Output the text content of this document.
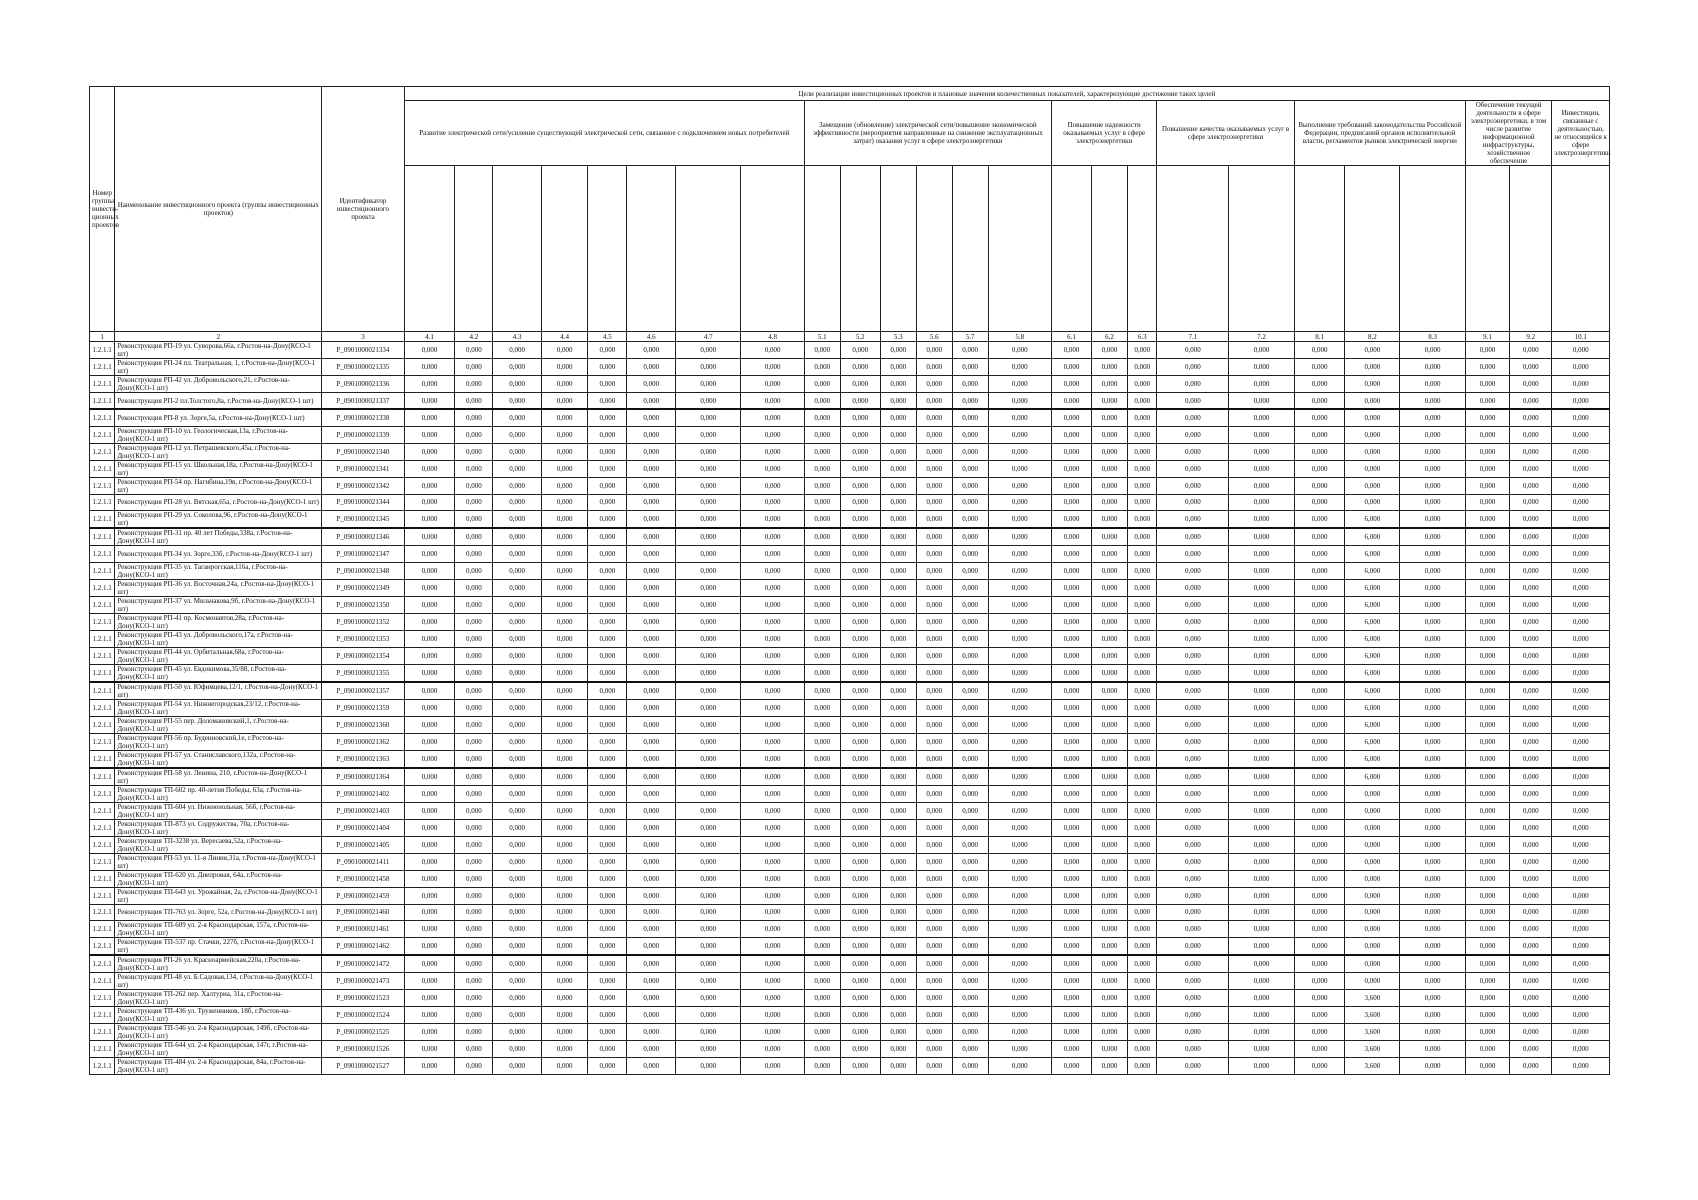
Номер группы инвести-ционных проектов	Наименование инвестиционного проекта (группы инвестиционных проектов)	Идентификатор инвестиционного проекта	Цели реализации инвестиционных проектов и плановые значения количественных показателей, характеризующие достижение таких целей																								
			Развитие электрической сети/усиление существующей электрической сети, связанное с подключением новых потребителей								Замещение (обновление) электрической сети/повышение экономической эффективности (мероприятия направленные на снижение эксплуатационных затрат) оказания услуг в сфере электроэнергетики						Повышение надежности оказываемых услуг в сфере электроэнергетики			Повышение качества оказываемых услуг в сфере электроэнергетики		Выполнение требований законодательства Российской Федерации, предписаний органов исполнительной власти, регламентов рынков электрической энергии			Обеспечение текущей деятельности в сфере электроэнергетики, в том числе развитие информационной инфраструктуры, хозяйственное обеспечение		Инвестиции, связанные с деятельностью, не относящейся к сфере электроэнергетики

1	2	3	4.1	4.2	4.3	4.4	4.5	4.6	4.7	4.8	5.1	5.2	5.3	5.6	5.7	5.8	6.1	6.2	6.3	7.1	7.2	8.1	8.2	8.3	9.1	9.2	10.1
1.2.1.1	Реконструкция РП-19 ул. Суворова,66а, г.Ростов-на-Дону(КСО-1 шт)	P_0901000021334	0,000	0,000	0,000	0,000	0,000	0,000	0,000	0,000	0,000	0,000	0,000	0,000	0,000	0,000	0,000	0,000	0,000	0,000	0,000	0,000	0,000	0,000	0,000	0,000	0,000
1.2.1.1	Реконструкция РП-24 пл. Театральная, 1, г.Ростов-на-Дону(КСО-1 шт)	P_0901000021335	0,000	0,000	0,000	0,000	0,000	0,000	0,000	0,000	0,000	0,000	0,000	0,000	0,000	0,000	0,000	0,000	0,000	0,000	0,000	0,000	0,000	0,000	0,000	0,000	0,000
1.2.1.1	Реконструкция РП-42 ул. Добровольского,21, г.Ростов-на-Дону(КСО-1 шт)	P_0901000021336	0,000	0,000	0,000	0,000	0,000	0,000	0,000	0,000	0,000	0,000	0,000	0,000	0,000	0,000	0,000	0,000	0,000	0,000	0,000	0,000	0,000	0,000	0,000	0,000	0,000
1.2.1.1	Реконструкция РП-2 пл.Толстого,8а, г.Ростов-на-Дону(КСО-1 шт)	P_0901000021337	0,000	0,000	0,000	0,000	0,000	0,000	0,000	0,000	0,000	0,000	0,000	0,000	0,000	0,000	0,000	0,000	0,000	0,000	0,000	0,000	0,000	0,000	0,000	0,000	0,000
1.2.1.1	Реконструкция РП-8 ул. Зорге,5а, г.Ростов-на-Дону(КСО-1 шт)	P_0901000021338	0,000	0,000	0,000	0,000	0,000	0,000	0,000	0,000	0,000	0,000	0,000	0,000	0,000	0,000	0,000	0,000	0,000	0,000	0,000	0,000	0,000	0,000	0,000	0,000	0,000
1.2.1.1	Реконструкция РП-10 ул. Геологическая,13а, г.Ростов-на-Дону(КСО-1 шт)	P_0901000021339	0,000	0,000	0,000	0,000	0,000	0,000	0,000	0,000	0,000	0,000	0,000	0,000	0,000	0,000	0,000	0,000	0,000	0,000	0,000	0,000	0,000	0,000	0,000	0,000	0,000
1.2.1.1	Реконструкция РП-12 ул. Петрашевского,45а, г.Ростов-на-Дону(КСО-1 шт)	P_0901000021340	0,000	0,000	0,000	0,000	0,000	0,000	0,000	0,000	0,000	0,000	0,000	0,000	0,000	0,000	0,000	0,000	0,000	0,000	0,000	0,000	0,000	0,000	0,000	0,000	0,000
1.2.1.1	Реконструкция РП-15 ул. Школьная,18а, г.Ростов-на-Дону(КСО-1 шт)	P_0901000021341	0,000	0,000	0,000	0,000	0,000	0,000	0,000	0,000	0,000	0,000	0,000	0,000	0,000	0,000	0,000	0,000	0,000	0,000	0,000	0,000	0,000	0,000	0,000	0,000	0,000
1.2.1.1	Реконструкция РП-54 пр. Нагибина,19в, г.Ростов-на-Дону(КСО-1 шт)	P_0901000021342	0,000	0,000	0,000	0,000	0,000	0,000	0,000	0,000	0,000	0,000	0,000	0,000	0,000	0,000	0,000	0,000	0,000	0,000	0,000	0,000	0,000	0,000	0,000	0,000	0,000
1.2.1.1	Реконструкция РП-28 ул. Вятская,65а, г.Ростов-на-Дону(КСО-1 шт)	P_0901000021344	0,000	0,000	0,000	0,000	0,000	0,000	0,000	0,000	0,000	0,000	0,000	0,000	0,000	0,000	0,000	0,000	0,000	0,000	0,000	0,000	0,000	0,000	0,000	0,000	0,000
1.2.1.1	Реконструкция РП-29 ул. Соколова,96, г.Ростов-на-Дону(КСО-1 шт)	P_0901000021345	0,000	0,000	0,000	0,000	0,000	0,000	0,000	0,000	0,000	0,000	0,000	0,000	0,000	0,000	0,000	0,000	0,000	0,000	0,000	0,000	6,000	0,000	0,000	0,000	0,000
1.2.1.1	Реконструкция РП-31 пр. 40 лет Победы,338а, г.Ростов-на-Дону(КСО-1 шт)	P_0901000021346	0,000	0,000	0,000	0,000	0,000	0,000	0,000	0,000	0,000	0,000	0,000	0,000	0,000	0,000	0,000	0,000	0,000	0,000	0,000	0,000	6,000	0,000	0,000	0,000	0,000
1.2.1.1	Реконструкция РП-34 ул. Зорге,33б, г.Ростов-на-Дону(КСО-1 шт)	P_0901000021347	0,000	0,000	0,000	0,000	0,000	0,000	0,000	0,000	0,000	0,000	0,000	0,000	0,000	0,000	0,000	0,000	0,000	0,000	0,000	0,000	6,000	0,000	0,000	0,000	0,000
1.2.1.1	Реконструкция РП-35 ул. Таганрогская,116а, г.Ростов-на-Дону(КСО-1 шт)	P_0901000021348	0,000	0,000	0,000	0,000	0,000	0,000	0,000	0,000	0,000	0,000	0,000	0,000	0,000	0,000	0,000	0,000	0,000	0,000	0,000	0,000	6,000	0,000	0,000	0,000	0,000
1.2.1.1	Реконструкция РП-36 ул. Восточная,24а, г.Ростов-на-Дону(КСО-1 шт)	P_0901000021349	0,000	0,000	0,000	0,000	0,000	0,000	0,000	0,000	0,000	0,000	0,000	0,000	0,000	0,000	0,000	0,000	0,000	0,000	0,000	0,000	6,000	0,000	0,000	0,000	0,000
1.2.1.1	Реконструкция РП-37 ул. Мильчакова,9б, г.Ростов-на-Дону(КСО-1 шт)	P_0901000021350	0,000	0,000	0,000	0,000	0,000	0,000	0,000	0,000	0,000	0,000	0,000	0,000	0,000	0,000	0,000	0,000	0,000	0,000	0,000	0,000	6,000	0,000	0,000	0,000	0,000
1.2.1.1	Реконструкция РП-41 пр. Космонавтов,28а, г.Ростов-на-Дону(КСО-1 шт)	P_0901000021352	0,000	0,000	0,000	0,000	0,000	0,000	0,000	0,000	0,000	0,000	0,000	0,000	0,000	0,000	0,000	0,000	0,000	0,000	0,000	0,000	6,000	0,000	0,000	0,000	0,000
1.2.1.1	Реконструкция РП-43 ул. Добровольского,17а, г.Ростов-на-Дону(КСО-1 шт)	P_0901000021353	0,000	0,000	0,000	0,000	0,000	0,000	0,000	0,000	0,000	0,000	0,000	0,000	0,000	0,000	0,000	0,000	0,000	0,000	0,000	0,000	6,000	0,000	0,000	0,000	0,000
1.2.1.1	Реконструкция РП-44 ул. Орбитальная,68а, г.Ростов-на-Дону(КСО-1 шт)	P_0901000021354	0,000	0,000	0,000	0,000	0,000	0,000	0,000	0,000	0,000	0,000	0,000	0,000	0,000	0,000	0,000	0,000	0,000	0,000	0,000	0,000	6,000	0,000	0,000	0,000	0,000
1.2.1.1	Реконструкция РП-45 ул. Евдокимова,35/88, г.Ростов-на-Дону(КСО-1 шт)	P_0901000021355	0,000	0,000	0,000	0,000	0,000	0,000	0,000	0,000	0,000	0,000	0,000	0,000	0,000	0,000	0,000	0,000	0,000	0,000	0,000	0,000	6,000	0,000	0,000	0,000	0,000
1.2.1.1	Реконструкция РП-50 ул. Юфимцева,12/1, г.Ростов-на-Дону(КСО-1 шт)	P_0901000021357	0,000	0,000	0,000	0,000	0,000	0,000	0,000	0,000	0,000	0,000	0,000	0,000	0,000	0,000	0,000	0,000	0,000	0,000	0,000	0,000	6,000	0,000	0,000	0,000	0,000
1.2.1.1	Реконструкция РП-54 ул. Нижнегородская,23/12, г.Ростов-на-Дону(КСО-1 шт)	P_0901000021359	0,000	0,000	0,000	0,000	0,000	0,000	0,000	0,000	0,000	0,000	0,000	0,000	0,000	0,000	0,000	0,000	0,000	0,000	0,000	0,000	6,000	0,000	0,000	0,000	0,000
1.2.1.1	Реконструкция РП-55 пер. Доломановский,1, г.Ростов-на-Дону(КСО-1 шт)	P_0901000021360	0,000	0,000	0,000	0,000	0,000	0,000	0,000	0,000	0,000	0,000	0,000	0,000	0,000	0,000	0,000	0,000	0,000	0,000	0,000	0,000	6,000	0,000	0,000	0,000	0,000
1.2.1.1	Реконструкция РП-56 пр. Буденновский,1е, г.Ростов-на-Дону(КСО-1 шт)	P_0901000021362	0,000	0,000	0,000	0,000	0,000	0,000	0,000	0,000	0,000	0,000	0,000	0,000	0,000	0,000	0,000	0,000	0,000	0,000	0,000	0,000	6,000	0,000	0,000	0,000	0,000
1.2.1.1	Реконструкция РП-57 ул. Станиславского,132а, г.Ростов-на-Дону(КСО-1 шт)	P_0901000021363	0,000	0,000	0,000	0,000	0,000	0,000	0,000	0,000	0,000	0,000	0,000	0,000	0,000	0,000	0,000	0,000	0,000	0,000	0,000	0,000	6,000	0,000	0,000	0,000	0,000
1.2.1.1	Реконструкция РП-58 ул. Ленина, 210, г.Ростов-на-Дону(КСО-1 шт)	P_0901000021364	0,000	0,000	0,000	0,000	0,000	0,000	0,000	0,000	0,000	0,000	0,000	0,000	0,000	0,000	0,000	0,000	0,000	0,000	0,000	0,000	6,000	0,000	0,000	0,000	0,000
1.2.1.1	Реконструкция ТП-602 пр. 40-летия Победы, 63а, г.Ростов-на-Дону(КСО-1 шт)	P_0901000021402	0,000	0,000	0,000	0,000	0,000	0,000	0,000	0,000	0,000	0,000	0,000	0,000	0,000	0,000	0,000	0,000	0,000	0,000	0,000	0,000	0,000	0,000	0,000	0,000	0,000
1.2.1.1	Реконструкция ТП-604 ул. Нижненольная, 56б, г.Ростов-на-Дону(КСО-1 шт)	P_0901000021403	0,000	0,000	0,000	0,000	0,000	0,000	0,000	0,000	0,000	0,000	0,000	0,000	0,000	0,000	0,000	0,000	0,000	0,000	0,000	0,000	0,000	0,000	0,000	0,000	0,000
1.2.1.1	Реконструкция ТП-873 ул. Содружества, 70а, г.Ростов-на-Дону(КСО-1 шт)	P_0901000021404	0,000	0,000	0,000	0,000	0,000	0,000	0,000	0,000	0,000	0,000	0,000	0,000	0,000	0,000	0,000	0,000	0,000	0,000	0,000	0,000	0,000	0,000	0,000	0,000	0,000
1.2.1.1	Реконструкция ТП-3238 ул. Вересаева,52а, г.Ростов-на-Дону(КСО-1 шт)	P_0901000021405	0,000	0,000	0,000	0,000	0,000	0,000	0,000	0,000	0,000	0,000	0,000	0,000	0,000	0,000	0,000	0,000	0,000	0,000	0,000	0,000	0,000	0,000	0,000	0,000	0,000
1.2.1.1	Реконструкция РП-53 ул. 11-я Линия,31а, г.Ростов-на-Дону(КСО-1 шт)	P_0901000021411	0,000	0,000	0,000	0,000	0,000	0,000	0,000	0,000	0,000	0,000	0,000	0,000	0,000	0,000	0,000	0,000	0,000	0,000	0,000	0,000	0,000	0,000	0,000	0,000	0,000
1.2.1.1	Реконструкция ТП-620 ул. Днепровая, 64а, г.Ростов-на-Дону(КСО-1 шт)	P_0901000021458	0,000	0,000	0,000	0,000	0,000	0,000	0,000	0,000	0,000	0,000	0,000	0,000	0,000	0,000	0,000	0,000	0,000	0,000	0,000	0,000	0,000	0,000	0,000	0,000	0,000
1.2.1.1	Реконструкция ТП-643 ул. Урожайная, 2а, г.Ростов-на-Дону(КСО-1 шт)	P_0901000021459	0,000	0,000	0,000	0,000	0,000	0,000	0,000	0,000	0,000	0,000	0,000	0,000	0,000	0,000	0,000	0,000	0,000	0,000	0,000	0,000	0,000	0,000	0,000	0,000	0,000
1.2.1.1	Реконструкция ТП-763 ул. Зорге, 52а, г.Ростов-на-Дону(КСО-1 шт)	P_0901000021460	0,000	0,000	0,000	0,000	0,000	0,000	0,000	0,000	0,000	0,000	0,000	0,000	0,000	0,000	0,000	0,000	0,000	0,000	0,000	0,000	0,000	0,000	0,000	0,000	0,000
1.2.1.1	Реконструкция ТП-609 ул. 2-я Краснодарская, 157а, г.Ростов-на-Дону(КСО-1 шт)	P_0901000021461	0,000	0,000	0,000	0,000	0,000	0,000	0,000	0,000	0,000	0,000	0,000	0,000	0,000	0,000	0,000	0,000	0,000	0,000	0,000	0,000	0,000	0,000	0,000	0,000	0,000
1.2.1.1	Реконструкция ТП-537 пр. Стачки, 227б, г.Ростов-на-Дону(КСО-1 шт)	P_0901000021462	0,000	0,000	0,000	0,000	0,000	0,000	0,000	0,000	0,000	0,000	0,000	0,000	0,000	0,000	0,000	0,000	0,000	0,000	0,000	0,000	0,000	0,000	0,000	0,000	0,000
1.2.1.1	Реконструкция РП-26 ул. Красноармейская,220а, г.Ростов-на-Дону(КСО-1 шт)	P_0901000021472	0,000	0,000	0,000	0,000	0,000	0,000	0,000	0,000	0,000	0,000	0,000	0,000	0,000	0,000	0,000	0,000	0,000	0,000	0,000	0,000	0,000	0,000	0,000	0,000	0,000
1.2.1.1	Реконструкция РП-48 ул. Б.Садовая,134, г.Ростов-на-Дону(КСО-1 шт)	P_0901000021473	0,000	0,000	0,000	0,000	0,000	0,000	0,000	0,000	0,000	0,000	0,000	0,000	0,000	0,000	0,000	0,000	0,000	0,000	0,000	0,000	0,000	0,000	0,000	0,000	0,000
1.2.1.1	Реконструкция ТП-262 пер. Халтуриа, 31а, г.Ростов-на-Дону(КСО-1 шт)	P_0901000021523	0,000	0,000	0,000	0,000	0,000	0,000	0,000	0,000	0,000	0,000	0,000	0,000	0,000	0,000	0,000	0,000	0,000	0,000	0,000	0,000	3,600	0,000	0,000	0,000	0,000
1.2.1.1	Реконструкция ТП-436 ул. Труженников, 18б, г.Ростов-на-Дону(КСО-1 шт)	P_0901000021524	0,000	0,000	0,000	0,000	0,000	0,000	0,000	0,000	0,000	0,000	0,000	0,000	0,000	0,000	0,000	0,000	0,000	0,000	0,000	0,000	3,600	0,000	0,000	0,000	0,000
1.2.1.1	Реконструкция ТП-546 ул. 2-я Краснодарская, 149б, г.Ростов-на-Дону(КСО-1 шт)	P_0901000021525	0,000	0,000	0,000	0,000	0,000	0,000	0,000	0,000	0,000	0,000	0,000	0,000	0,000	0,000	0,000	0,000	0,000	0,000	0,000	0,000	3,600	0,000	0,000	0,000	0,000
1.2.1.1	Реконструкция ТП-644 ул. 2-я Краснодарская, 147г, г.Ростов-на-Дону(КСО-1 шт)	P_0901000021526	0,000	0,000	0,000	0,000	0,000	0,000	0,000	0,000	0,000	0,000	0,000	0,000	0,000	0,000	0,000	0,000	0,000	0,000	0,000	0,000	3,600	0,000	0,000	0,000	0,000
1.2.1.1	Реконструкция ТП-484 ул. 2-я Краснодарская, 84а, г.Ростов-на-Дону(КСО-1 шт)	P_0901000021527	0,000	0,000	0,000	0,000	0,000	0,000	0,000	0,000	0,000	0,000	0,000	0,000	0,000	0,000	0,000	0,000	0,000	0,000	0,000	0,000	3,600	0,000	0,000	0,000	0,000
